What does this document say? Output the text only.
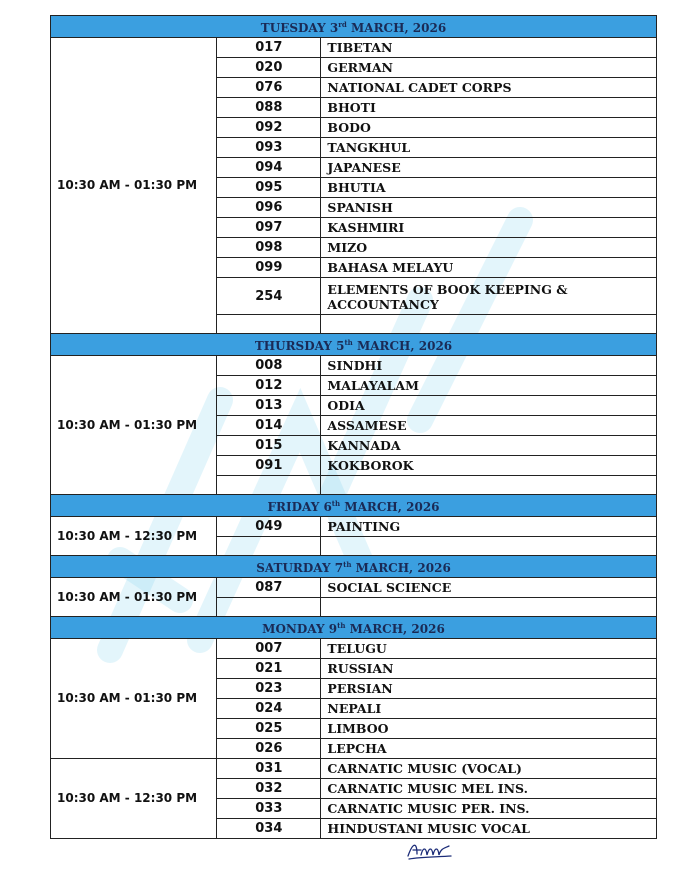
TUESDAY 3rd MARCH, 2026		
10:30 AM - 01:30 PM	017	TIBETAN
	020	GERMAN
	076	NATIONAL CADET CORPS
	088	BHOTI
	092	BODO
	093	TANGKHUL
	094	JAPANESE
	095	BHUTIA
	096	SPANISH
	097	KASHMIRI
	098	MIZO
	099	BAHASA MELAYU
	254	ELEMENTS OF BOOK KEEPING & ACCOUNTANCY

THURSDAY 5th MARCH, 2026		
10:30 AM - 01:30 PM	008	SINDHI
	012	MALAYALAM
	013	ODIA
	014	ASSAMESE
	015	KANNADA
	091	KOKBOROK

FRIDAY 6th MARCH, 2026		
10:30 AM - 12:30 PM	049	PAINTING

SATURDAY 7th MARCH, 2026		
10:30 AM - 01:30 PM	087	SOCIAL SCIENCE

MONDAY 9th MARCH, 2026		
10:30 AM - 01:30 PM	007	TELUGU
	021	RUSSIAN
	023	PERSIAN
	024	NEPALI
	025	LIMBOO
	026	LEPCHA
10:30 AM - 12:30 PM	031	CARNATIC MUSIC (VOCAL)
	032	CARNATIC MUSIC MEL INS.
	033	CARNATIC MUSIC PER. INS.
	034	HINDUSTANI MUSIC VOCAL
